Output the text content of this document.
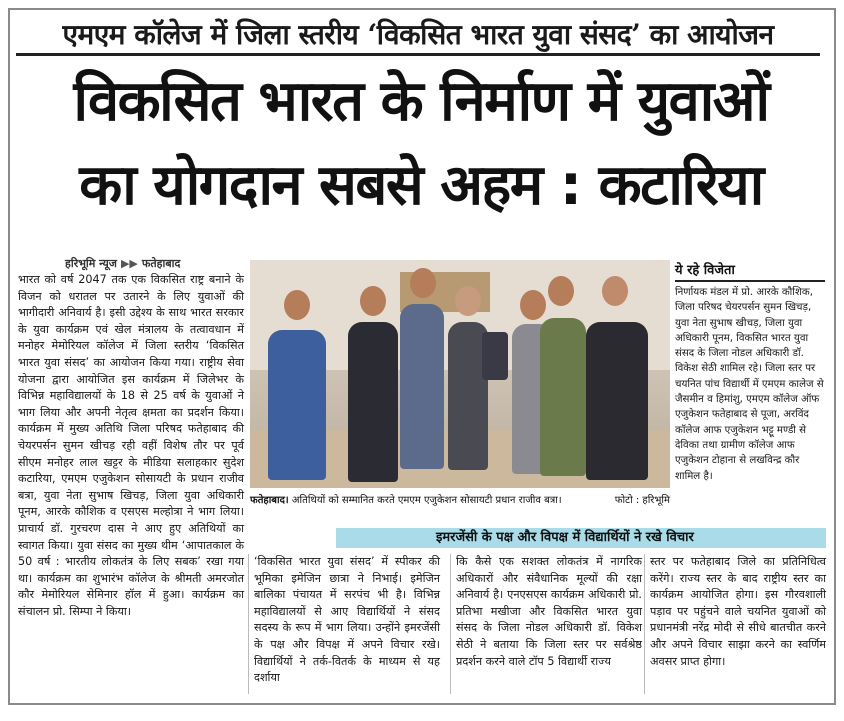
एमएम कॉलेज में जिला स्तरीय ‘विकसित भारत युवा संसद’ का आयोजन
विकसित भारत के निर्माण में युवाओं
का योगदान सबसे अहम : कटारिया
हरिभूमि न्यूज ▶▶ फतेहाबाद
भारत को वर्ष 2047 तक एक विकसित राष्ट्र बनाने के विजन को धरातल पर उतारने के लिए युवाओं की भागीदारी अनिवार्य है। इसी उद्देश्य के साथ भारत सरकार के युवा कार्यक्रम एवं खेल मंत्रालय के तत्वावधान में मनोहर मेमोरियल कॉलेज में जिला स्तरीय ‘विकसित भारत युवा संसद’ का आयोजन किया गया। राष्ट्रीय सेवा योजना द्वारा आयोजित इस कार्यक्रम में जिलेभर के विभिन्न महाविद्यालयों के 18 से 25 वर्ष के युवाओं ने भाग लिया और अपनी नेतृत्व क्षमता का प्रदर्शन किया। कार्यक्रम में मुख्य अतिथि जिला परिषद फतेहाबाद की चेयरपर्सन सुमन खीचड़ रही वहीं विशेष तौर पर पूर्व सीएम मनोहर लाल खट्टर के मीडिया सलाहकार सुदेश कटारिया, एमएम एजुकेशन सोसायटी के प्रधान राजीव बत्रा, युवा नेता सुभाष खिचड़, जिला युवा अधिकारी पूनम, आरके कौशिक व एसएस मल्होत्रा ने भाग लिया। प्राचार्य डॉ. गुरचरण दास ने आए हुए अतिथियों का स्वागत किया। युवा संसद का मुख्य थीम ‘आपातकाल के 50 वर्ष : भारतीय लोकतंत्र के लिए सबक’ रखा गया था। कार्यक्रम का शुभारंभ कॉलेज के श्रीमती अमरजोत कौर मेमोरियल सेमिनार हॉल में हुआ। कार्यक्रम का संचालन प्रो. सिम्पा ने किया।
फतेहाबाद। अतिथियों को सम्मानित करते एमएम एजुकेशन सोसायटी प्रधान राजीव बत्रा।	फोटो : हरिभूमि
ये रहे विजेता
निर्णायक मंडल में प्रो. आरके कौशिक, जिला परिषद चेयरपर्सन सुमन खिचड़, युवा नेता सुभाष खीचड़, जिला युवा अधिकारी पूनम, विकसित भारत युवा संसद के जिला नोडल अधिकारी डॉ. विकेश सेठी शामिल रहे। जिला स्तर पर चयनित पांच विद्यार्थी में एमएम कालेज से जैसमीन व हिमांशु, एमएम कॉलेज ऑफ एजुकेशन फतेहाबाद से पूजा, अरविंद कॉलेज आफ एजुकेशन भट्टू मण्डी से देविका तथा ग्रामीण कॉलेज आफ एजुकेशन टोहाना से लखविन्द्र कौर शामिल है।
इमरजेंसी के पक्ष और विपक्ष में विद्यार्थियों ने रखे विचार
‘विकसित भारत युवा संसद’ में स्पीकर की भूमिका इमेजिन छात्रा ने निभाई। इमेजिन बालिका पंचायत में सरपंच भी है। विभिन्न महाविद्यालयों से आए विद्यार्थियों ने संसद सदस्य के रूप में भाग लिया। उन्होंने इमरजेंसी के पक्ष और विपक्ष में अपने विचार रखे। विद्यार्थियों ने तर्क-वितर्क के माध्यम से यह दर्शाया
कि कैसे एक सशक्त लोकतंत्र में नागरिक अधिकारों और संवैधानिक मूल्यों की रक्षा अनिवार्य है। एनएसएस कार्यक्रम अधिकारी प्रो. प्रतिभा मखीजा और विकसित भारत युवा संसद के जिला नोडल अधिकारी डॉ. विकेश सेठी ने बताया कि जिला स्तर पर सर्वश्रेष्ठ प्रदर्शन करने वाले टॉप 5 विद्यार्थी राज्य
स्तर पर फतेहाबाद जिले का प्रतिनिधित्व करेंगे। राज्य स्तर के बाद राष्ट्रीय स्तर का कार्यक्रम आयोजित होगा। इस गौरवशाली पड़ाव पर पहुंचने वाले चयनित युवाओं को प्रधानमंत्री नरेंद्र मोदी से सीधे बातचीत करने और अपने विचार साझा करने का स्वर्णिम अवसर प्राप्त होगा।
